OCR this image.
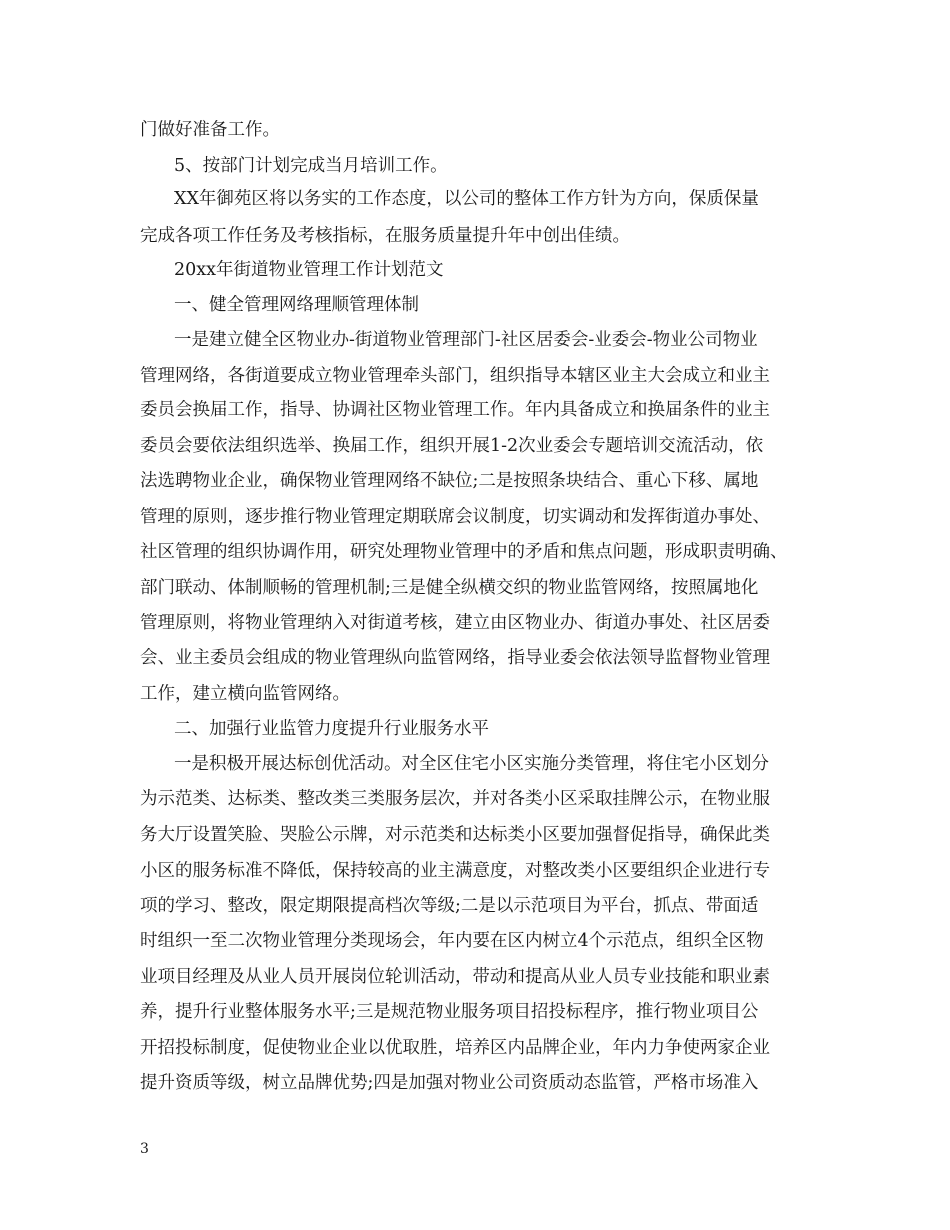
门做好准备工作。
5、按部门计划完成当月培训工作。
XX年御苑区将以务实的工作态度，以公司的整体工作方针为方向，保质保量
完成各项工作任务及考核指标，在服务质量提升年中创出佳绩。
20xx年街道物业管理工作计划范文
一、健全管理网络理顺管理体制
一是建立健全区物业办-街道物业管理部门-社区居委会-业委会-物业公司物业
管理网络，各街道要成立物业管理牵头部门，组织指导本辖区业主大会成立和业主
委员会换届工作，指导、协调社区物业管理工作。年内具备成立和换届条件的业主
委员会要依法组织选举、换届工作，组织开展1-2次业委会专题培训交流活动，依
法选聘物业企业，确保物业管理网络不缺位;二是按照条块结合、重心下移、属地
管理的原则，逐步推行物业管理定期联席会议制度，切实调动和发挥街道办事处、
社区管理的组织协调作用，研究处理物业管理中的矛盾和焦点问题，形成职责明确、
部门联动、体制顺畅的管理机制;三是健全纵横交织的物业监管网络，按照属地化
管理原则，将物业管理纳入对街道考核，建立由区物业办、街道办事处、社区居委
会、业主委员会组成的物业管理纵向监管网络，指导业委会依法领导监督物业管理
工作，建立横向监管网络。
二、加强行业监管力度提升行业服务水平
一是积极开展达标创优活动。对全区住宅小区实施分类管理，将住宅小区划分
为示范类、达标类、整改类三类服务层次，并对各类小区采取挂牌公示，在物业服
务大厅设置笑脸、哭脸公示牌，对示范类和达标类小区要加强督促指导，确保此类
小区的服务标准不降低，保持较高的业主满意度，对整改类小区要组织企业进行专
项的学习、整改，限定期限提高档次等级;二是以示范项目为平台，抓点、带面适
时组织一至二次物业管理分类现场会，年内要在区内树立4个示范点，组织全区物
业项目经理及从业人员开展岗位轮训活动，带动和提高从业人员专业技能和职业素
养，提升行业整体服务水平;三是规范物业服务项目招投标程序，推行物业项目公
开招投标制度，促使物业企业以优取胜，培养区内品牌企业，年内力争使两家企业
提升资质等级，树立品牌优势;四是加强对物业公司资质动态监管，严格市场准入
3
